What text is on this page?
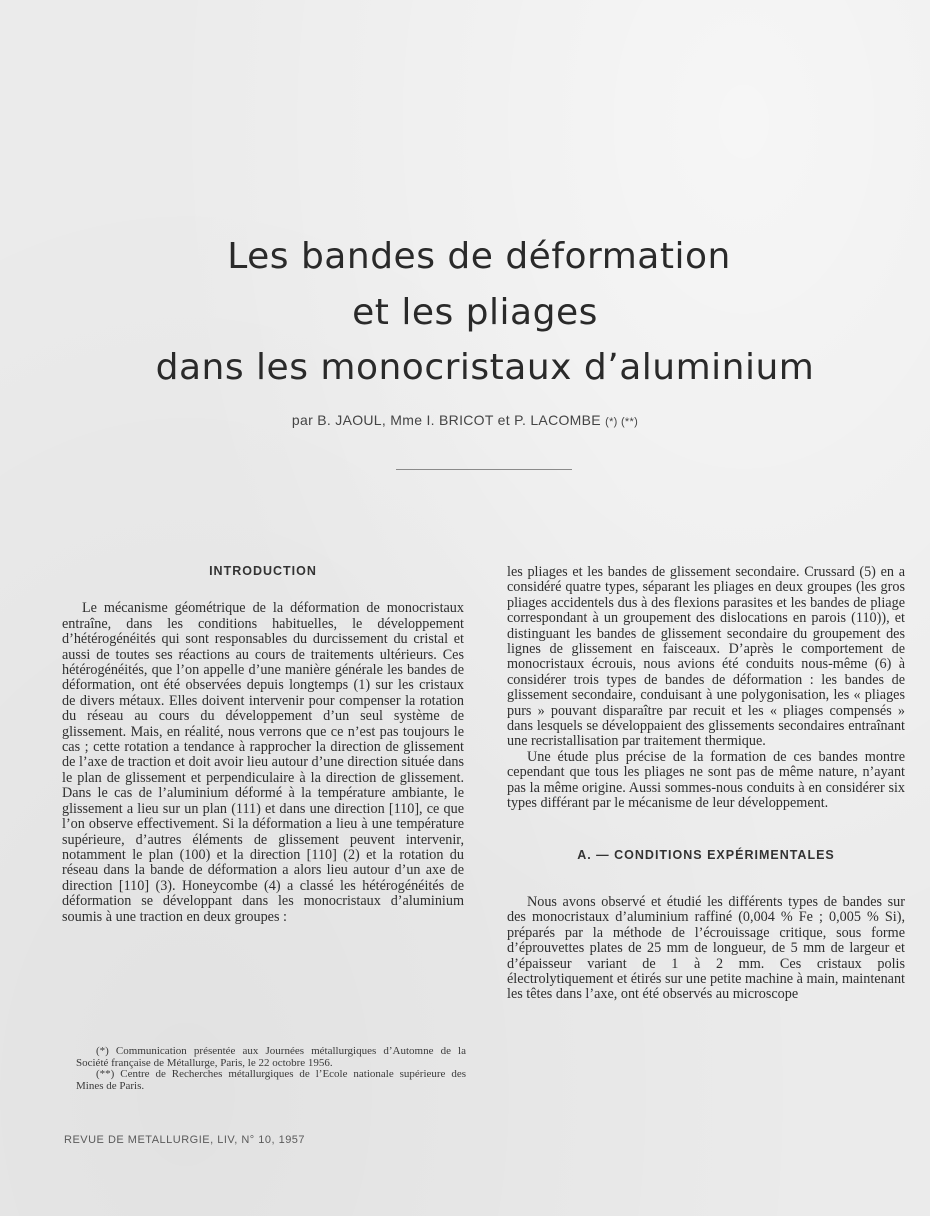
Les bandes de déformation
et les pliages
dans les monocristaux d’aluminium
par B. JAOUL, Mme I. BRICOT et P. LACOMBE (*) (**)
INTRODUCTION

Le mécanisme géométrique de la déformation de monocristaux entraîne, dans les conditions habituelles, le développement d’hétérogénéités qui sont responsables du durcissement du cristal et aussi de toutes ses réactions au cours de traitements ultérieurs. Ces hétérogénéités, que l’on appelle d’une manière générale les bandes de déformation, ont été observées depuis longtemps (1) sur les cristaux de divers métaux. Elles doivent intervenir pour compenser la rotation du réseau au cours du développement d’un seul système de glissement. Mais, en réalité, nous verrons que ce n’est pas toujours le cas ; cette rotation a tendance à rapprocher la direction de glissement de l’axe de traction et doit avoir lieu autour d’une direction située dans le plan de glissement et perpendiculaire à la direction de glissement. Dans le cas de l’aluminium déformé à la température ambiante, le glissement a lieu sur un plan (111) et dans une direction [110], ce que l’on observe effectivement. Si la déformation a lieu à une température supérieure, d’autres éléments de glissement peuvent intervenir, notamment le plan (100) et la direction [110] (2) et la rotation du réseau dans la bande de déformation a alors lieu autour d’un axe de direction [110] (3). Honeycombe (4) a classé les hétérogénéités de déformation se développant dans les monocristaux d’aluminium soumis à une traction en deux groupes :

les pliages et les bandes de glissement secondaire. Crussard (5) en a considéré quatre types, séparant les pliages en deux groupes (les gros pliages accidentels dus à des flexions parasites et les bandes de pliage correspondant à un groupement des dislocations en parois (110)), et distinguant les bandes de glissement secondaire du groupement des lignes de glissement en faisceaux. D’après le comportement de monocristaux écrouis, nous avions été conduits nous-même (6) à considérer trois types de bandes de déformation : les bandes de glissement secondaire, conduisant à une polygonisation, les « pliages purs » pouvant disparaître par recuit et les « pliages compensés » dans lesquels se développaient des glissements secondaires entraînant une recristallisation par traitement thermique.

Une étude plus précise de la formation de ces bandes montre cependant que tous les pliages ne sont pas de même nature, n’ayant pas la même origine. Aussi sommes-nous conduits à en considérer six types différant par le mécanisme de leur développement.

A. — CONDITIONS EXPÉRIMENTALES

Nous avons observé et étudié les différents types de bandes sur des monocristaux d’aluminium raffiné (0,004 % Fe ; 0,005 % Si), préparés par la méthode de l’écrouissage critique, sous forme d’éprouvettes plates de 25 mm de longueur, de 5 mm de largeur et d’épaisseur variant de 1 à 2 mm. Ces cristaux polis électrolytiquement et étirés sur une petite machine à main, maintenant les têtes dans l’axe, ont été observés au microscope

(*) Communication présentée aux Journées métallurgiques d’Automne de la Société française de Métallurge, Paris, le 22 octobre 1956.

(**) Centre de Recherches métallurgiques de l’Ecole nationale supérieure des Mines de Paris.

REVUE DE METALLURGIE, LIV, N° 10, 1957
